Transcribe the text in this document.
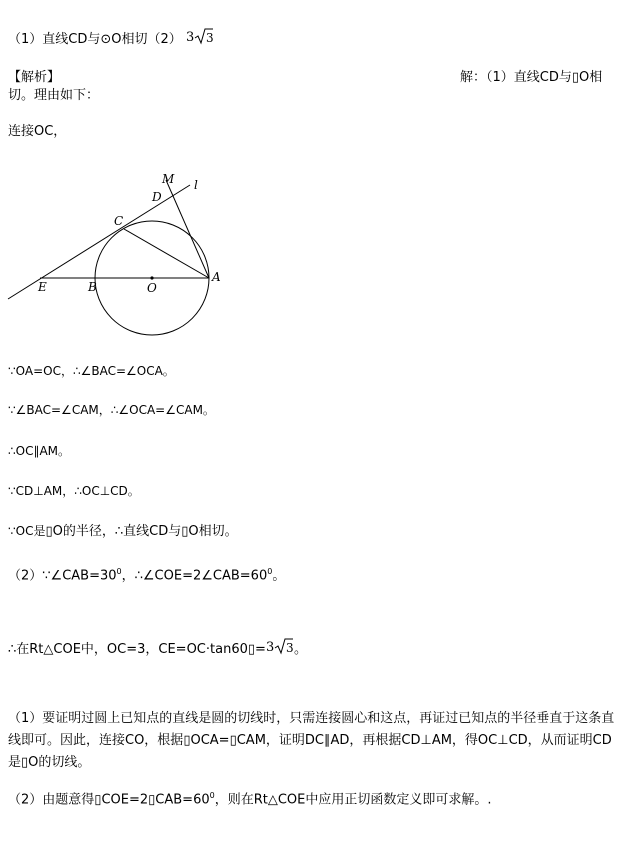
（1）直线CD与⊙O相切（2） 3 3
【解析】	解：（1）直线CD与▯O相
切。理由如下：
连接OC，
M l
D
C
A
E	B	O
∵OA=OC，∴∠BAC=∠OCA。
∵∠BAC=∠CAM，∴∠OCA=∠CAM。
∴OC∥AM。
∵CD⊥AM，∴OC⊥CD。
∵OC是▯O的半径，∴直线CD与▯O相切。
$(2)\because\angle CAB=30^0$，$\therefore\angle COE=2\angle CAB=60^0$。
∴在Rt△COE中，OC=3，CE=OC·tan60▯= 3 3 。
（1）要证明过圆上已知点的直线是圆的切线时，只需连接圆心和这点，再证过已知点的半径垂直于这条直线即可。因此，连接CO，根据▯OCA=▯CAM，证明DC∥AD，再根据CD⊥AM，得OC⊥CD，从而证明CD是▯O的切线。
（2）由题意得$▯COE=2▯CAB=60^0$，则在Rt△COE中应用正切函数定义即可求解。.
